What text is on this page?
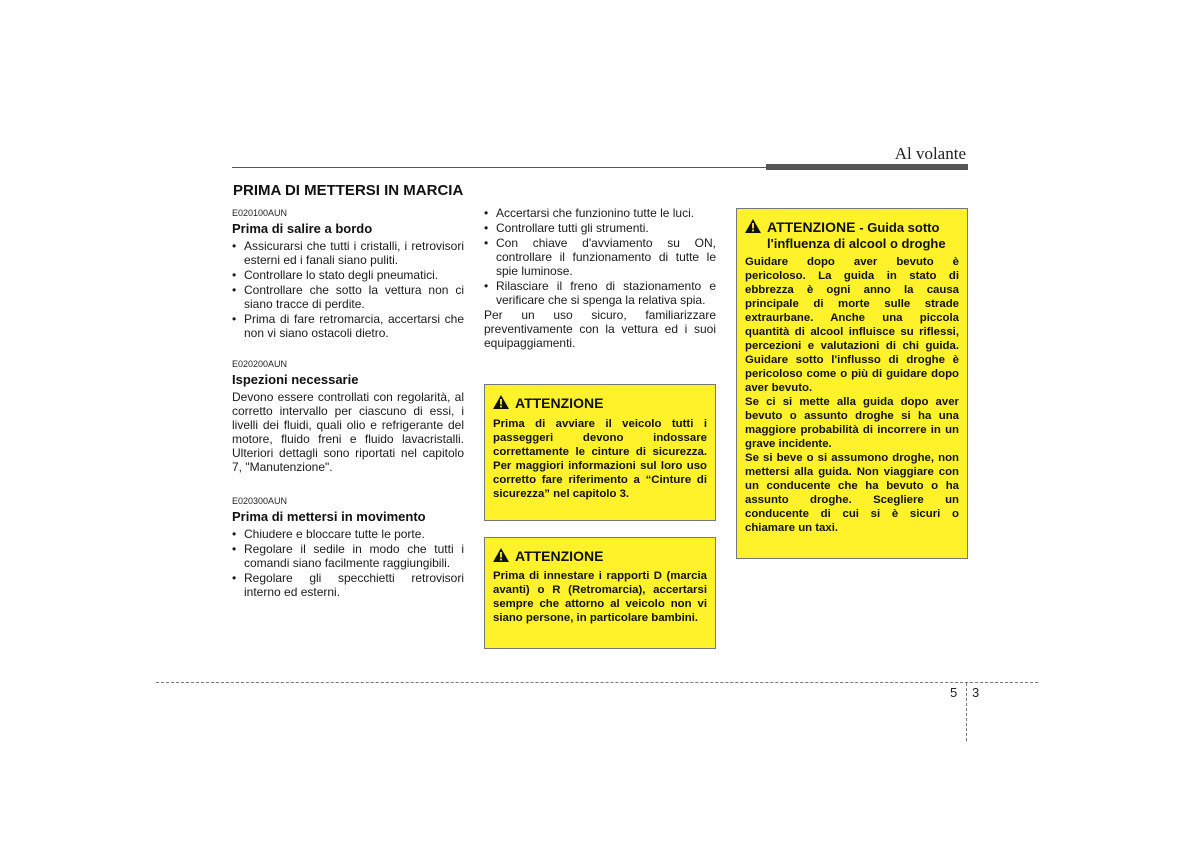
Al volante
PRIMA DI METTERSI IN MARCIA

E020100AUN

Prima di salire a bordo
• Assicurarsi che tutti i cristalli, i retrovisori esterni ed i fanali siano puliti.
• Controllare lo stato degli pneumatici.
• Controllare che sotto la vettura non ci siano tracce di perdite.
• Prima di fare retromarcia, accertarsi che non vi siano ostacoli dietro.

E020200AUN

Ispezioni necessarie

Devono essere controllati con regolarità, al corretto intervallo per ciascuno di essi, i livelli dei fluidi, quali olio e refrigerante del motore, fluido freni e fluido lavacristalli. Ulteriori dettagli sono riportati nel capitolo 7, "Manutenzione".

E020300AUN

Prima di mettersi in movimento
• Chiudere e bloccare tutte le porte.
• Regolare il sedile in modo che tutti i comandi siano facilmente raggiungibili.
• Regolare gli specchietti retrovisori interno ed esterni.
• Accertarsi che funzionino tutte le luci.
• Controllare tutti gli strumenti.
• Con chiave d'avviamento su ON, controllare il funzionamento di tutte le spie luminose.
• Rilasciare il freno di stazionamento e verificare che si spenga la relativa spia.

Per un uso sicuro, familiarizzare preventivamente con la vettura ed i suoi equipaggiamenti.

ATTENZIONE

Prima di avviare il veicolo tutti i passeggeri devono indossare correttamente le cinture di sicurezza. Per maggiori informazioni sul loro uso corretto fare riferimento a “Cinture di sicurezza” nel capitolo 3.

ATTENZIONE

Prima di innestare i rapporti D (marcia avanti) o R (Retromarcia), accertarsi sempre che attorno al veicolo non vi siano persone, in particolare bambini.

ATTENZIONE - Guida sotto l'influenza di alcool o droghe

Guidare dopo aver bevuto è pericoloso. La guida in stato di ebbrezza è ogni anno la causa principale di morte sulle strade extraurbane. Anche una piccola quantità di alcool influisce su riflessi, percezioni e valutazioni di chi guida. Guidare sotto l'influsso di droghe è pericoloso come o più di guidare dopo aver bevuto.

Se ci si mette alla guida dopo aver bevuto o assunto droghe si ha una maggiore probabilità di incorrere in un grave incidente.

Se si beve o si assumono droghe, non mettersi alla guida. Non viaggiare con un conducente che ha bevuto o ha assunto droghe. Scegliere un conducente di cui si è sicuri o chiamare un taxi.

5 3
